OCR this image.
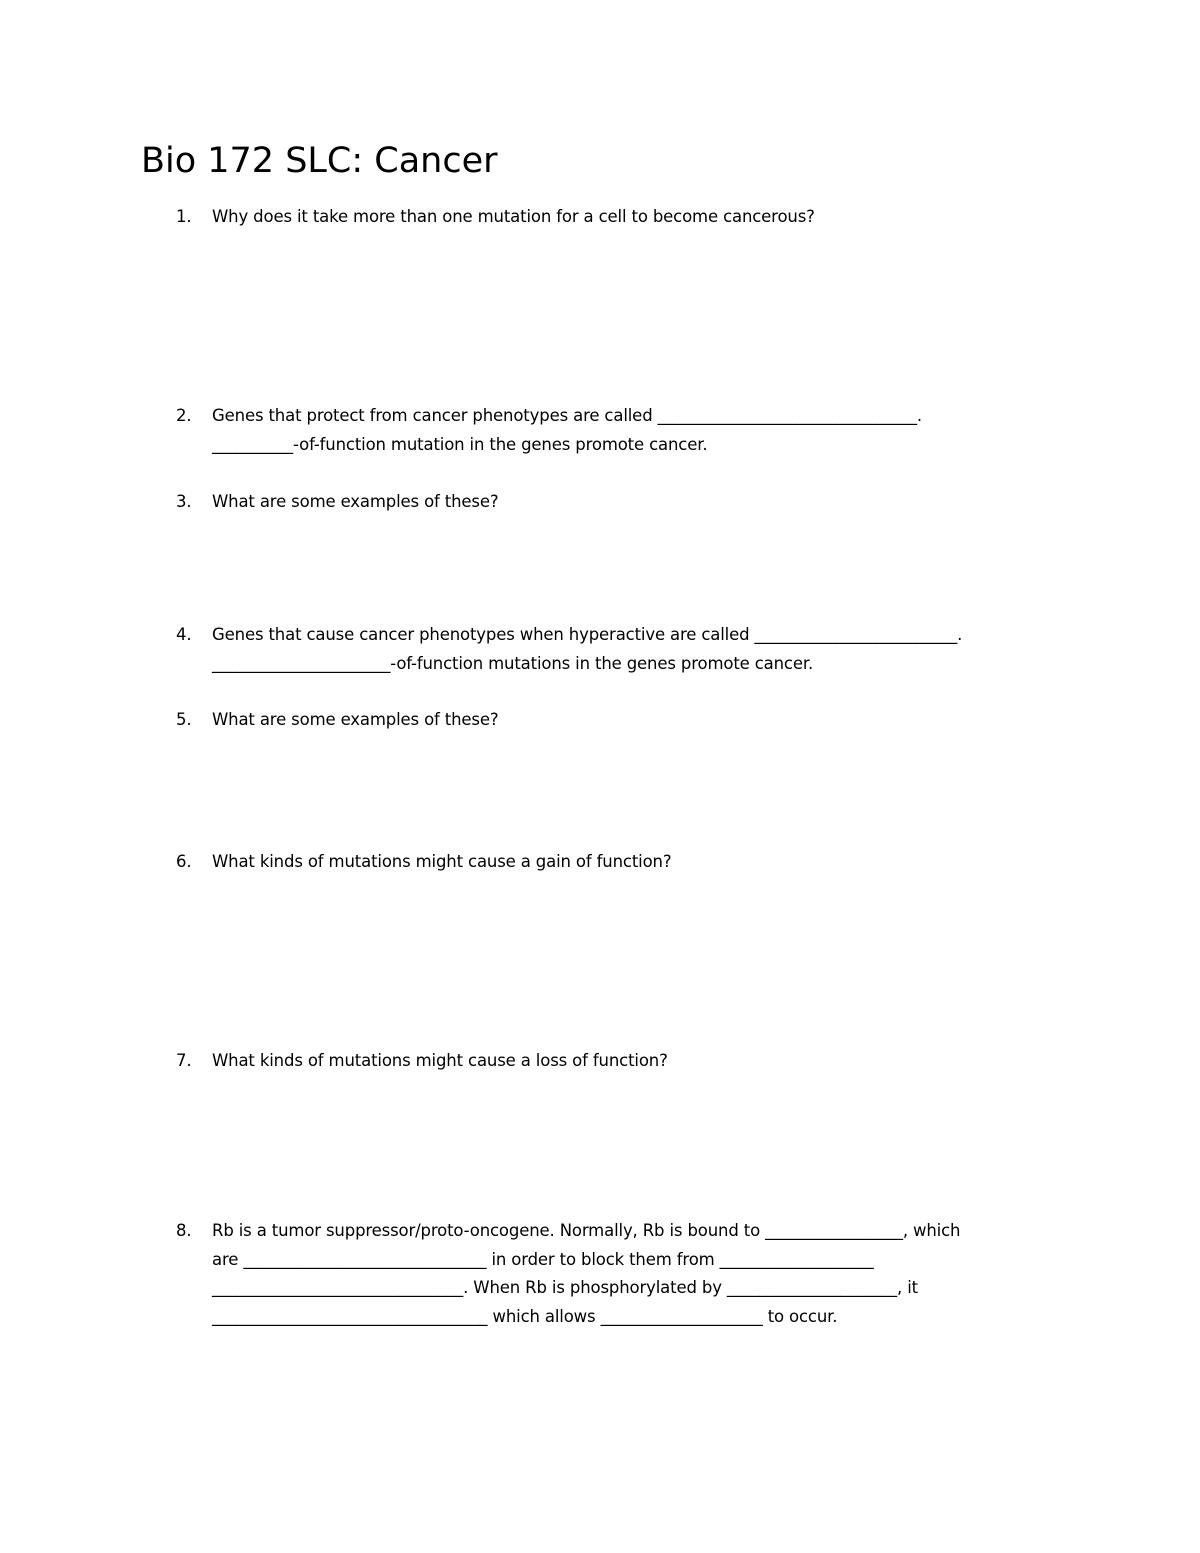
Bio 172 SLC: Cancer
1. Why does it take more than one mutation for a cell to become cancerous?
2. Genes that protect from cancer phenotypes are called ________________________________.
__________-of-function mutation in the genes promote cancer.
3. What are some examples of these?
4. Genes that cause cancer phenotypes when hyperactive are called _________________________.
______________________-of-function mutations in the genes promote cancer.
5. What are some examples of these?
6. What kinds of mutations might cause a gain of function?
7. What kinds of mutations might cause a loss of function?
8. Rb is a tumor suppressor/proto-oncogene. Normally, Rb is bound to _________________, which
are ______________________________ in order to block them from ___________________
_______________________________. When Rb is phosphorylated by _____________________, it
__________________________________ which allows ____________________ to occur.
